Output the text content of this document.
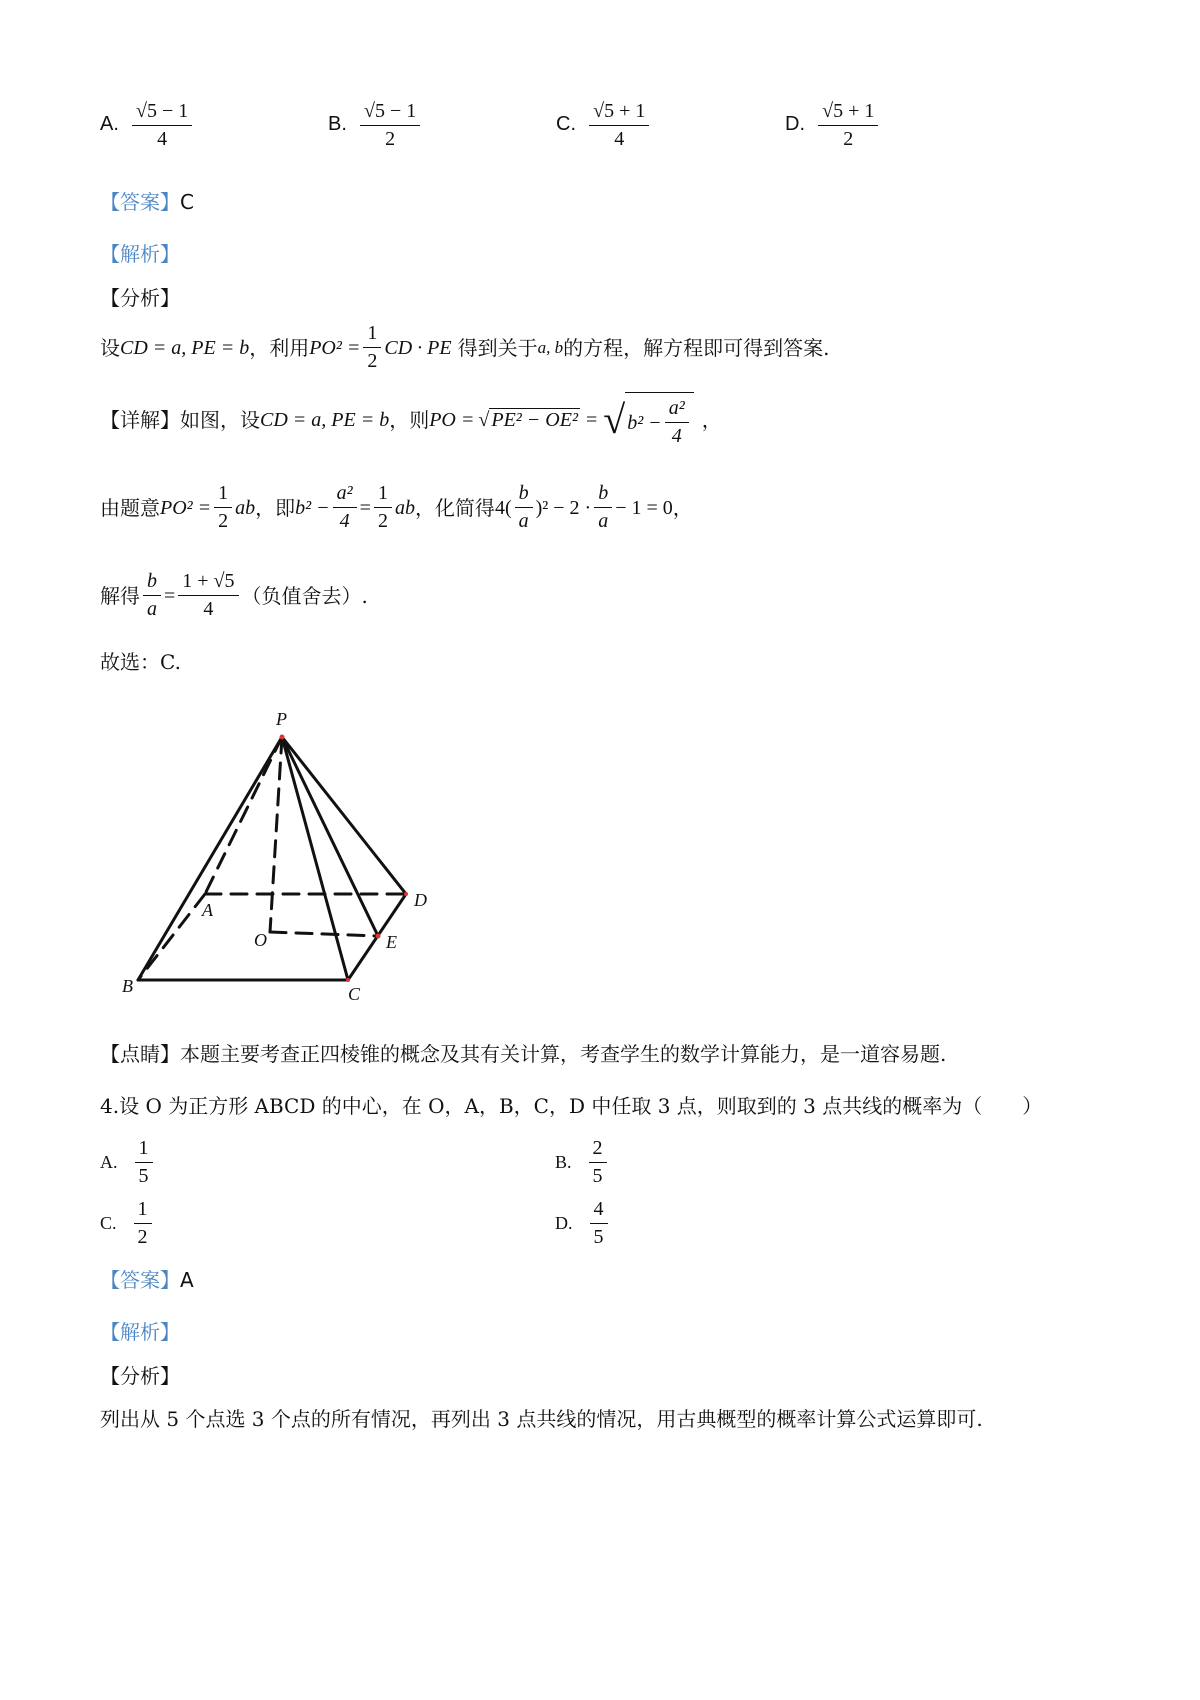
A. $\frac{√5 - 1}{4}$	B. $\frac{√5 - 1}{2}$	C. $\frac{√5 + 1}{4}$	D. $\frac{√5 + 1}{2}$
【答案】C
【解析】
【分析】
设 CD = a, PE = b ，利用 $PO^2 = \frac{1}{2}$ CD · PE 得到关于 a, b 的方程，解方程即可得到答案.
【详解】 如图，设 CD = a, PE = b ，则 PO = √ PE² − OE² = √ $b^2 - \frac{\text{a²}}{4}$ ，
由题意 $PO^2 = \frac{1}{2}$ ab ，即 $b^2 - \frac{\text{a²}}{4} = \frac{1}{2}$ ab ，化简得 $4( \frac{b}{a} )^2 - 2 \cdot \frac{b}{a} - 1 = 0$ ，
解得 $\frac{b}{a} = \frac{1 + √5}{4}$ （负值舍去）.
故选：C.
P
A	D
O	E
B	C
【点睛】本题主要考查正四棱锥的概念及其有关计算，考查学生的数学计算能力，是一道容易题.
4.设 O 为正方形 ABCD 的中心，在 O，A，B，C，D 中任取 3 点，则取到的 3 点共线的概率为（　　）
A. $\frac{1}{5}$	B. $\frac{2}{5}$
C. $\frac{1}{2}$	D. $\frac{4}{5}$
【答案】A
【解析】
【分析】
列出从 5 个点选 3 个点的所有情况，再列出 3 点共线的情况，用古典概型的概率计算公式运算即可.
